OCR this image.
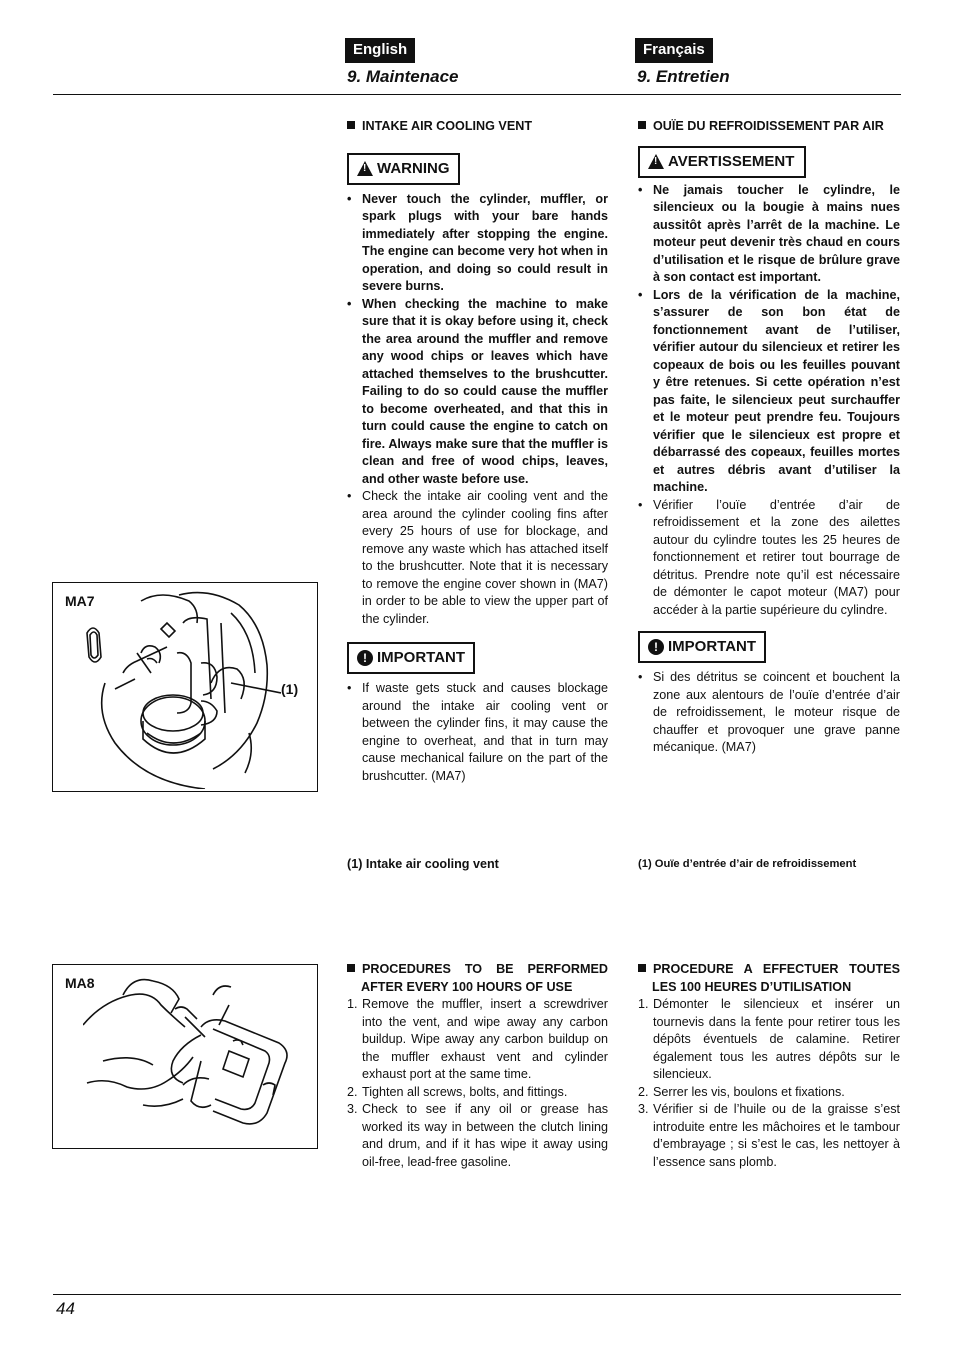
English	Français
9. Maintenace	9. Entretien
INTAKE AIR COOLING VENT
!
WARNING
• Never touch the cylinder, muffler, or spark plugs with your bare hands immediately after stopping the engine. The engine can become very hot when in operation, and doing so could result in severe burns.
• When checking the machine to make sure that it is okay before using it, check the area around the muffler and remove any wood chips or leaves which have attached themselves to the brushcutter. Failing to do so could cause the muffler to become overheated, and that this in turn could cause the engine to catch on fire. Always make sure that the muffler is clean and free of wood chips, leaves, and other waste before use.
• Check the intake air cooling vent and the area around the cylinder cooling fins after every 25 hours of use for blockage, and remove any waste which has attached itself to the brushcutter. Note that it is necessary to remove the engine cover shown in (MA7) in order to be able to view the upper part of the cylinder.
! IMPORTANT
• If waste gets stuck and causes blockage around the intake air cooling vent or between the cylinder fins, it may cause the engine to overheat, and that in turn may cause mechanical failure on the part of the brushcutter. (MA7)
(1) Intake air cooling vent
OUÏE DU REFROIDISSEMENT PAR AIR
!
AVERTISSEMENT
• Ne jamais toucher le cylindre, le silencieux ou la bougie à mains nues aussitôt après l’arrêt de la machine. Le moteur peut devenir très chaud en cours d’utilisation et le risque de brûlure grave à son contact est important.
• Lors de la vérification de la machine, s’assurer de son bon état de fonctionnement avant de l’utiliser, vérifier autour du silencieux et retirer les copeaux de bois ou les feuilles pouvant y être retenues. Si cette opération n’est pas faite, le silencieux peut surchauffer et le moteur peut prendre feu. Toujours vérifier que le silencieux est propre et débarrassé des copeaux, feuilles mortes et autres débris avant d’utiliser la machine.
• Vérifier l’ouïe d’entrée d’air de refroidissement et la zone des ailettes autour du cylindre toutes les 25 heures de fonctionnement et retirer tout bourrage de détritus. Prendre note qu’il est nécessaire de démonter le capot moteur (MA7) pour accéder à la partie supérieure du cylindre.
! IMPORTANT
• Si des détritus se coincent et bouchent la zone aux alentours de l’ouïe d’entrée d’air de refroidissement, le moteur risque de chauffer et provoquer une grave panne mécanique. (MA7)
(1) Ouïe d’entrée d’air de refroidissement
MA7
(1)
MA8
PROCEDURES TO BE PERFORMED AFTER EVERY 100 HOURS OF USE
1. Remove the muffler, insert a screwdriver into the vent, and wipe away any carbon buildup. Wipe away any carbon buildup on the muffler exhaust vent and cylinder exhaust port at the same time.
2. Tighten all screws, bolts, and fittings.
3. Check to see if any oil or grease has worked its way in between the clutch lining and drum, and if it has wipe it away using oil-free, lead-free gasoline.
PROCEDURE A EFFECTUER TOUTES LES 100 HEURES D’UTILISATION
1. Démonter le silencieux et insérer un tournevis dans la fente pour retirer tous les dépôts éventuels de calamine. Retirer également tous les autres dépôts sur le silencieux.
2. Serrer les vis, boulons et fixations.
3. Vérifier si de l’huile ou de la graisse s’est introduite entre les mâchoires et le tambour d’embrayage ; si s’est le cas, les nettoyer à l’essence sans plomb.
44
